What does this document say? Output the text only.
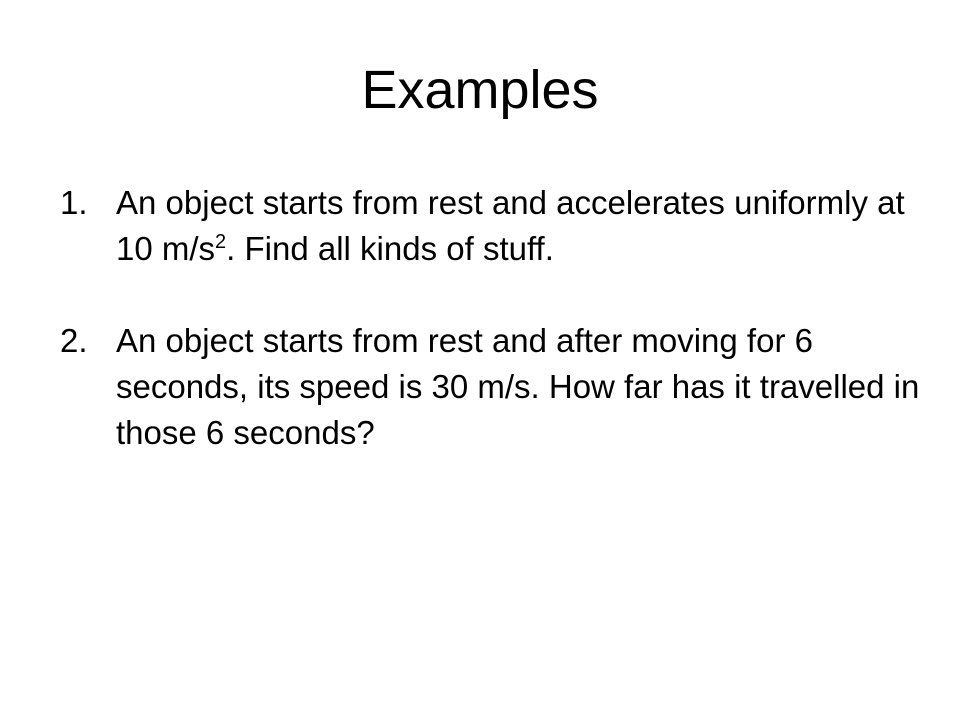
Examples
1. An object starts from rest and accelerates uniformly at 10 $m/s^2$. Find all kinds of stuff.
2. An object starts from rest and after moving for 6 seconds, its speed is 30 m/s. How far has it travelled in those 6 seconds?
